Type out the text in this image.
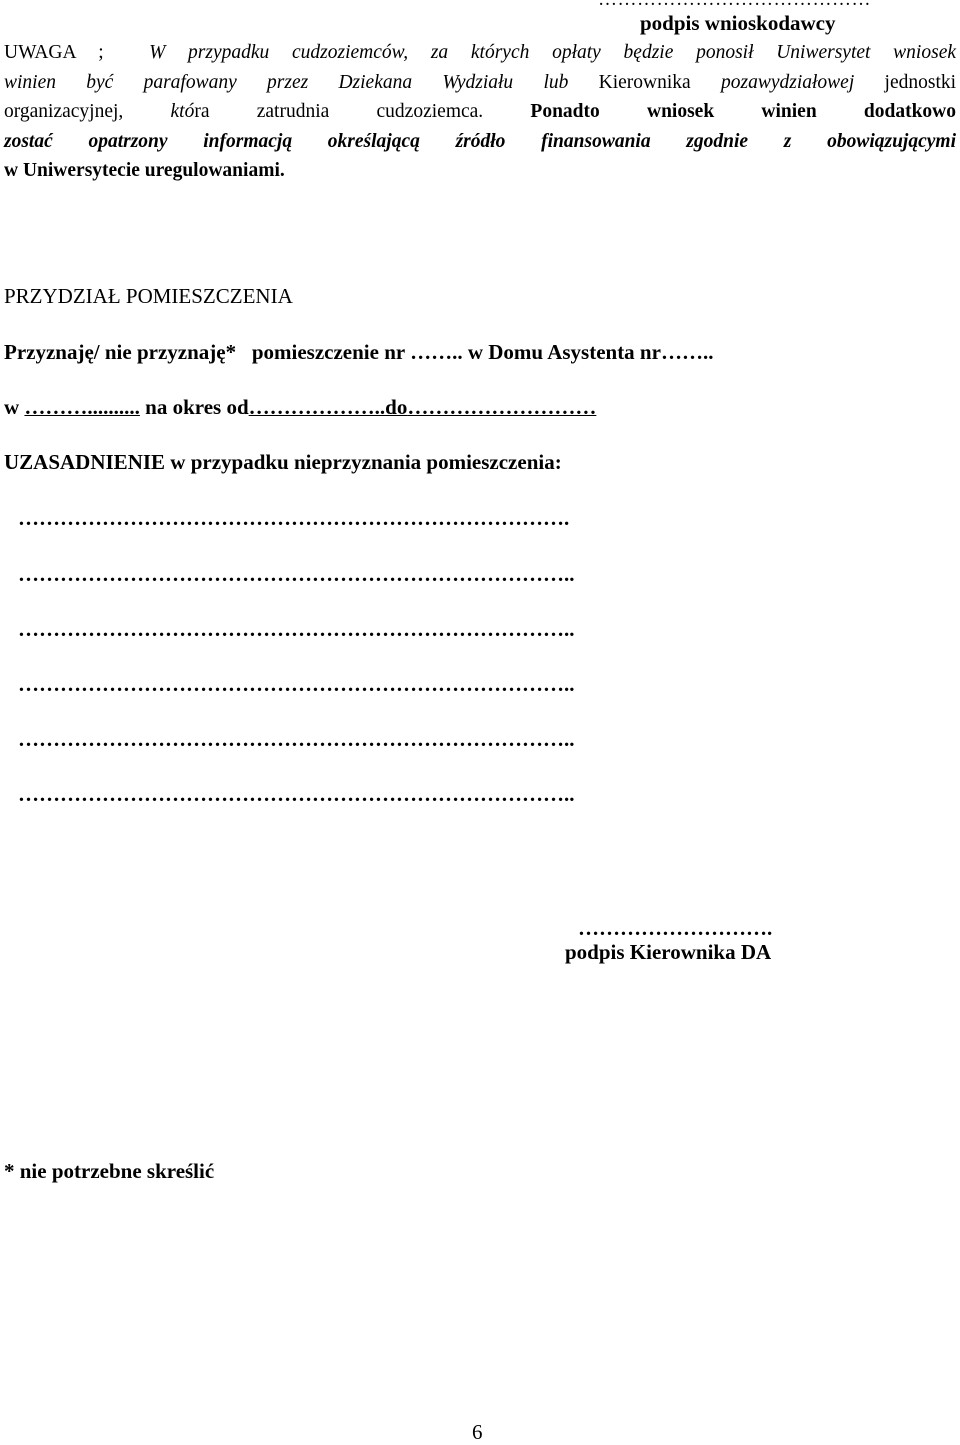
podpis wnioskodawcy

UWAGA ; W przypadku cudzoziemców, za których opłaty będzie ponosił Uniwersytet wniosek

winien być parafowany przez Dziekana Wydziału lub Kierownika pozawydziałowej jednostki

organizacyjnej, która zatrudnia cudzoziemca. Ponadto wniosek winien dodatkowo

zostać opatrzony informacją określającą źródło finansowania zgodnie z obowiązującymi

w Uniwersytecie uregulowaniami.

PRZYDZIAŁ POMIESZCZENIA
Przyznaję/ nie przyznaję* pomieszczenie nr …….. w Domu Asystenta nr……..
w ……….......... na okres od………………..do………………………
UZASADNIENIE w przypadku nieprzyznania pomieszczenia:
…………………………………………………………………….
……………………………………………………………………..
……………………………………………………………………..
……………………………………………………………………..
……………………………………………………………………..
……………………………………………………………………..
……………………….
podpis Kierownika DA
* nie potrzebne skreślić
6
